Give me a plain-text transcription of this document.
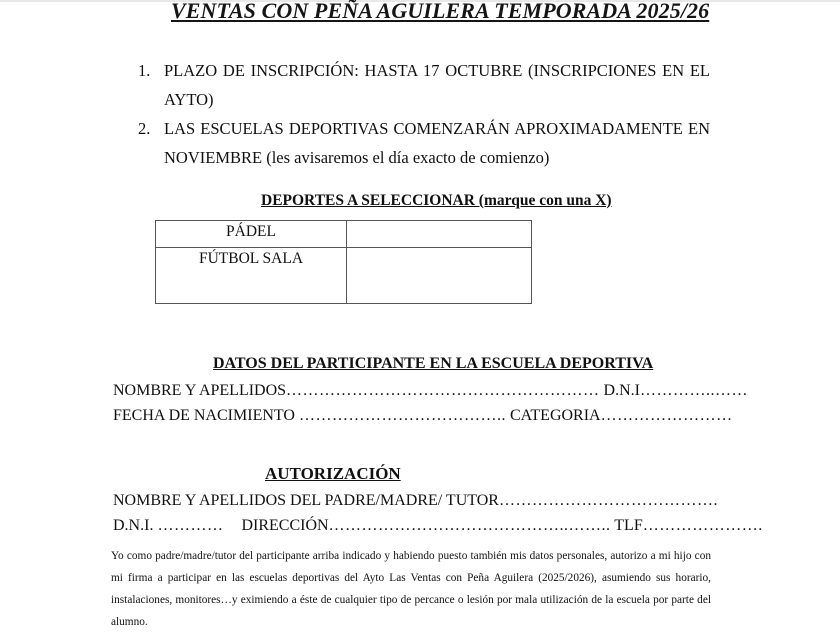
VENTAS CON PEÑA AGUILERA TEMPORADA 2025/26
1. PLAZO DE INSCRIPCIÓN: HASTA 17 OCTUBRE (INSCRIPCIONES EN EL
AYTO)
2. LAS ESCUELAS DEPORTIVAS COMENZARÁN APROXIMADAMENTE EN
NOVIEMBRE (les avisaremos el día exacto de comienzo)
DEPORTES A SELECCIONAR (marque con una X)
PÁDEL	
FÚTBOL SALA	
DATOS DEL PARTICIPANTE EN LA ESCUELA DEPORTIVA
NOMBRE Y APELLIDOS………………………………………………… D.N.I…………..……
FECHA DE NACIMIENTO ……………………………….. CATEGORIA……………………
AUTORIZACIÓN
NOMBRE Y APELLIDOS DEL PADRE/MADRE/ TUTOR………………………………….
D.N.I. ………… DIRECCIÓN……………………………………..…….. TLF………………….

Yo como padre/madre/tutor del participante arriba indicado y habiendo puesto también mis datos personales, autorizo a mi hijo con mi firma a participar en las escuelas deportivas del Ayto Las Ventas con Peña Aguilera (2025/2026), asumiendo sus horario, instalaciones, monitores…y eximiendo a éste de cualquier tipo de percance o lesión por mala utilización de la escuela por parte del alumno.
